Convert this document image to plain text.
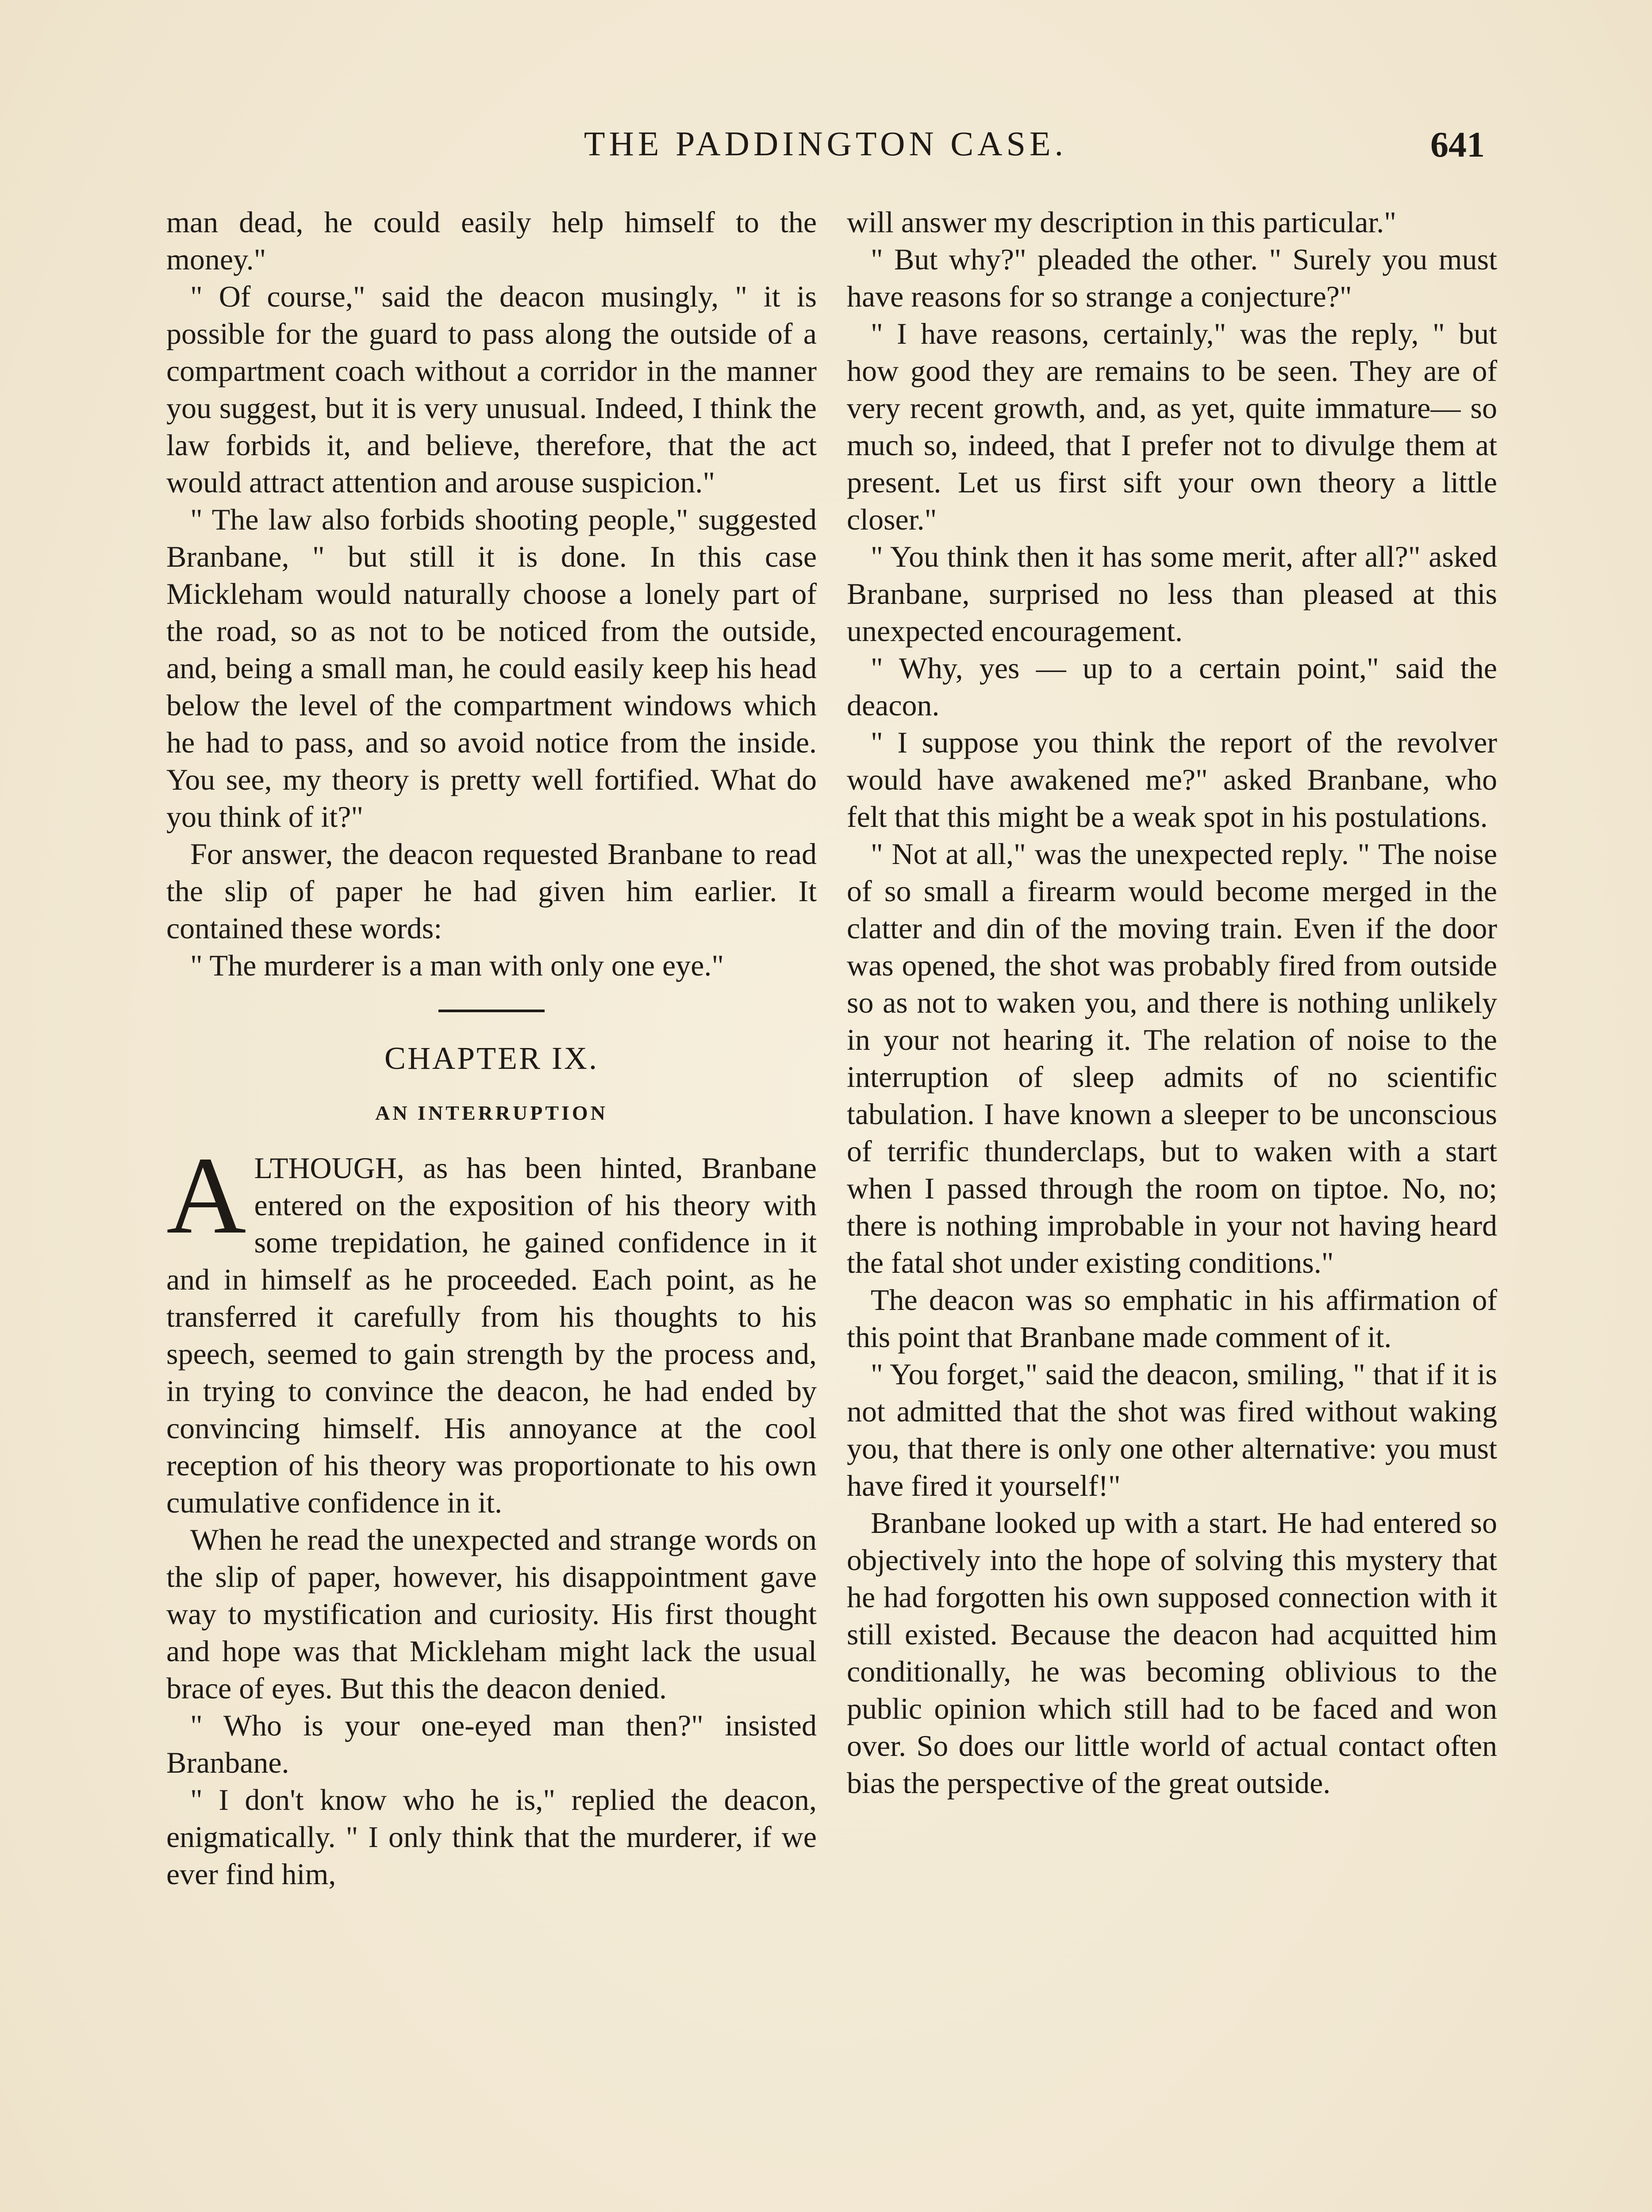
THE PADDINGTON CASE.	641

man dead, he could easily help himself to the money."

" Of course," said the deacon musingly, " it is possible for the guard to pass along the outside of a compartment coach without a corridor in the manner you suggest, but it is very unusual. Indeed, I think the law forbids it, and believe, therefore, that the act would attract attention and arouse suspicion."

" The law also forbids shooting people," suggested Branbane, " but still it is done. In this case Mickleham would naturally choose a lonely part of the road, so as not to be noticed from the outside, and, being a small man, he could easily keep his head below the level of the compartment windows which he had to pass, and so avoid notice from the inside. You see, my theory is pretty well fortified. What do you think of it?"

For answer, the deacon requested Branbane to read the slip of paper he had given him earlier. It contained these words:

" The murderer is a man with only one eye."

CHAPTER IX.
AN INTERRUPTION

ALTHOUGH, as has been hinted, Branbane entered on the exposition of his theory with some trepidation, he gained confidence in it and in himself as he proceeded. Each point, as he transferred it carefully from his thoughts to his speech, seemed to gain strength by the process and, in trying to convince the deacon, he had ended by convincing himself. His annoyance at the cool reception of his theory was proportionate to his own cumulative confidence in it.

When he read the unexpected and strange words on the slip of paper, however, his disappointment gave way to mystification and curiosity. His first thought and hope was that Mickleham might lack the usual brace of eyes. But this the deacon denied.

" Who is your one-eyed man then?" insisted Branbane.

" I don't know who he is," replied the deacon, enigmatically. " I only think that the murderer, if we ever find him,

will answer my description in this particular."

" But why?" pleaded the other. " Surely you must have reasons for so strange a conjecture?"

" I have reasons, certainly," was the reply, " but how good they are remains to be seen. They are of very recent growth, and, as yet, quite immature— so much so, indeed, that I prefer not to divulge them at present. Let us first sift your own theory a little closer."

" You think then it has some merit, after all?" asked Branbane, surprised no less than pleased at this unexpected encouragement.

" Why, yes — up to a certain point," said the deacon.

" I suppose you think the report of the revolver would have awakened me?" asked Branbane, who felt that this might be a weak spot in his postulations.

" Not at all," was the unexpected reply. " The noise of so small a firearm would become merged in the clatter and din of the moving train. Even if the door was opened, the shot was probably fired from outside so as not to waken you, and there is nothing unlikely in your not hearing it. The relation of noise to the interruption of sleep admits of no scientific tabulation. I have known a sleeper to be unconscious of terrific thunderclaps, but to waken with a start when I passed through the room on tiptoe. No, no; there is nothing improbable in your not having heard the fatal shot under existing conditions."

The deacon was so emphatic in his affirmation of this point that Branbane made comment of it.

" You forget," said the deacon, smiling, " that if it is not admitted that the shot was fired without waking you, that there is only one other alternative: you must have fired it yourself!"

Branbane looked up with a start. He had entered so objectively into the hope of solving this mystery that he had forgotten his own supposed connection with it still existed. Because the deacon had acquitted him conditionally, he was becoming oblivious to the public opinion which still had to be faced and won over. So does our little world of actual contact often bias the perspective of the great outside.
